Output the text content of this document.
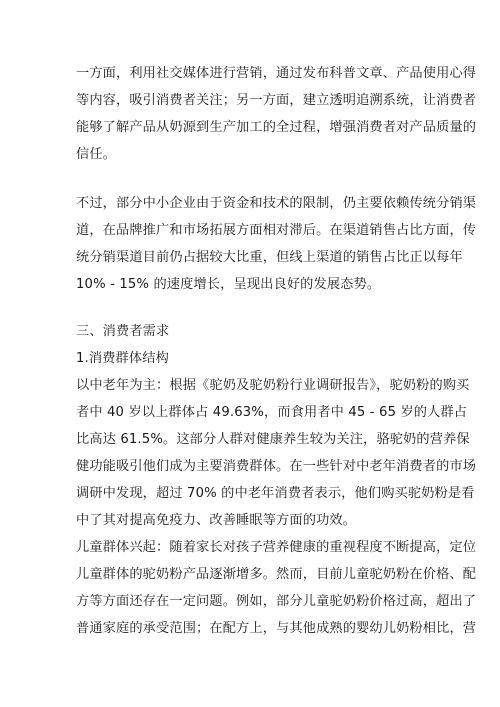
一方面，利用社交媒体进行营销，通过发布科普文章、产品使用心得
等内容，吸引消费者关注；另一方面，建立透明追溯系统，让消费者
能够了解产品从奶源到生产加工的全过程，增强消费者对产品质量的
信任。
不过，部分中小企业由于资金和技术的限制，仍主要依赖传统分销渠
道，在品牌推广和市场拓展方面相对滞后。在渠道销售占比方面，传
统分销渠道目前仍占据较大比重，但线上渠道的销售占比正以每年
10% - 15% 的速度增长，呈现出良好的发展态势。
三、消费者需求
1.消费群体结构
以中老年为主：根据《驼奶及驼奶粉行业调研报告》，驼奶粉的购买
者中 40 岁以上群体占 49.63%，而食用者中 45 - 65 岁的人群占
比高达 61.5%。这部分人群对健康养生较为关注，骆驼奶的营养保
健功能吸引他们成为主要消费群体。在一些针对中老年消费者的市场
调研中发现，超过 70% 的中老年消费者表示，他们购买驼奶粉是看
中了其对提高免疫力、改善睡眠等方面的功效。
儿童群体兴起：随着家长对孩子营养健康的重视程度不断提高，定位
儿童群体的驼奶粉产品逐渐增多。然而，目前儿童驼奶粉在价格、配
方等方面还存在一定问题。例如，部分儿童驼奶粉价格过高，超出了
普通家庭的承受范围；在配方上，与其他成熟的婴幼儿奶粉相比，营
